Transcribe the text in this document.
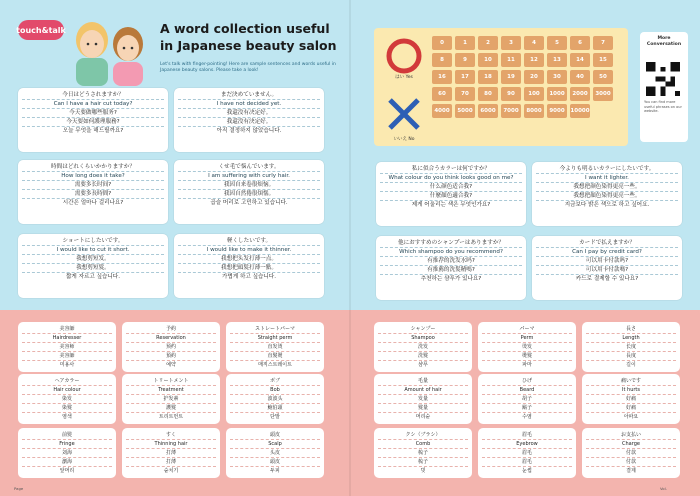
touch&talk	A word collection useful
in Japanese beauty salon
Let's talk with finger-pointing! Here are sample sentences and words useful in Japanese beauty salons. Please take a look!
今日はどうされますか？
Can I have a hair cut today?
今天要做哪些服务?
今天要如何護理服務?
오늘 무엇을 해드릴까요?
まだ決めていません。
I have not decided yet.
我還没有决定好。
我還没有決定好。
아직 결정하지 않았습니다.
時間はどれくらいかかりますか？
How long does it take?
需要多长时间?
需要多長時間?
시간은 얼마나 걸리나요?
くせ毛で悩んでいます。
I am suffering with curly hair.
我因自来卷很烦恼。
我因自然捲很煩惱。
곱슬 머리로 고민하고 있습니다.
ショートにしたいです。
I would like to cut it short.
我想剪短发。
我想剪短髮。
짧게 자르고 싶습니다.
軽くしたいです。
I would like to make it thinner.
我想把头发打薄一点。
我想把頭髮打薄一點。
가볍게 하고 싶습니다.
はい Yes
いいえ No
0	1	2	3	4	5	6	7
8	9	10	11	12	13	14	15
16	17	18	19	20	30	40	50
60	70	80	90	100	1000	2000	3000
4000	5000	6000	7000	8000	9000	10000
More Conversation
You can find more useful phrases on our website.
私に似合うカラーは何ですか？
What colour do you think looks good on me?
什么颜色适合我?
什麼顏色適合我?
제게 어울리는 색은 무엇인가요?
今よりも明るいカラーにしたいです。
I want it lighter.
我想把颜色染得更亮一些。
我想把顏色染得更亮一些。
지금보다 밝은 색으로 하고 싶어요.
他におすすめのシャンプーはありますか？
Which shampoo do you recommend?
有推荐的洗发水吗?
有推薦的洗髮精嗎?
추천하는 샴푸가 있나요?
カードで払えますか？
Can I pay by credit card?
可以用卡付款吗?
可以用卡付款嗎?
카드로 결제할 수 있나요?
美容師
Hairdresser
美容师
美容師
미용사
予約
Reservation
预约
預約
예약
ストレートパーマ
Straight perm
直发烫
直髮燙
매직스트레이트
ヘアカラー
Hair colour
染发
染髮
염색
トリートメント
Treatment
护发素
護髮
트리트먼트
ボブ
Bob
波波头
鮑伯頭
단발
前髪
Fringe
刘海
瀏海
앞머리
すく
Thinning hair
打薄
打薄
숱치기
頭皮
Scalp
头皮
頭皮
두피
シャンプー
Shampoo
洗发
洗髮
샴푸
パーマ
Perm
烫发
燙髮
파마
長さ
Length
长度
長度
길이
毛量
Amount of hair
发量
髮量
머리숱
ひげ
Beard
胡子
鬍子
수염
痛いです
It hurts
好痛
好痛
아파요
クシ（ブラシ）
Comb
梳子
梳子
빗
眉毛
Eyebrow
眉毛
眉毛
눈썹
お支払い
Charge
付款
付款
결제
Page	Vol.
